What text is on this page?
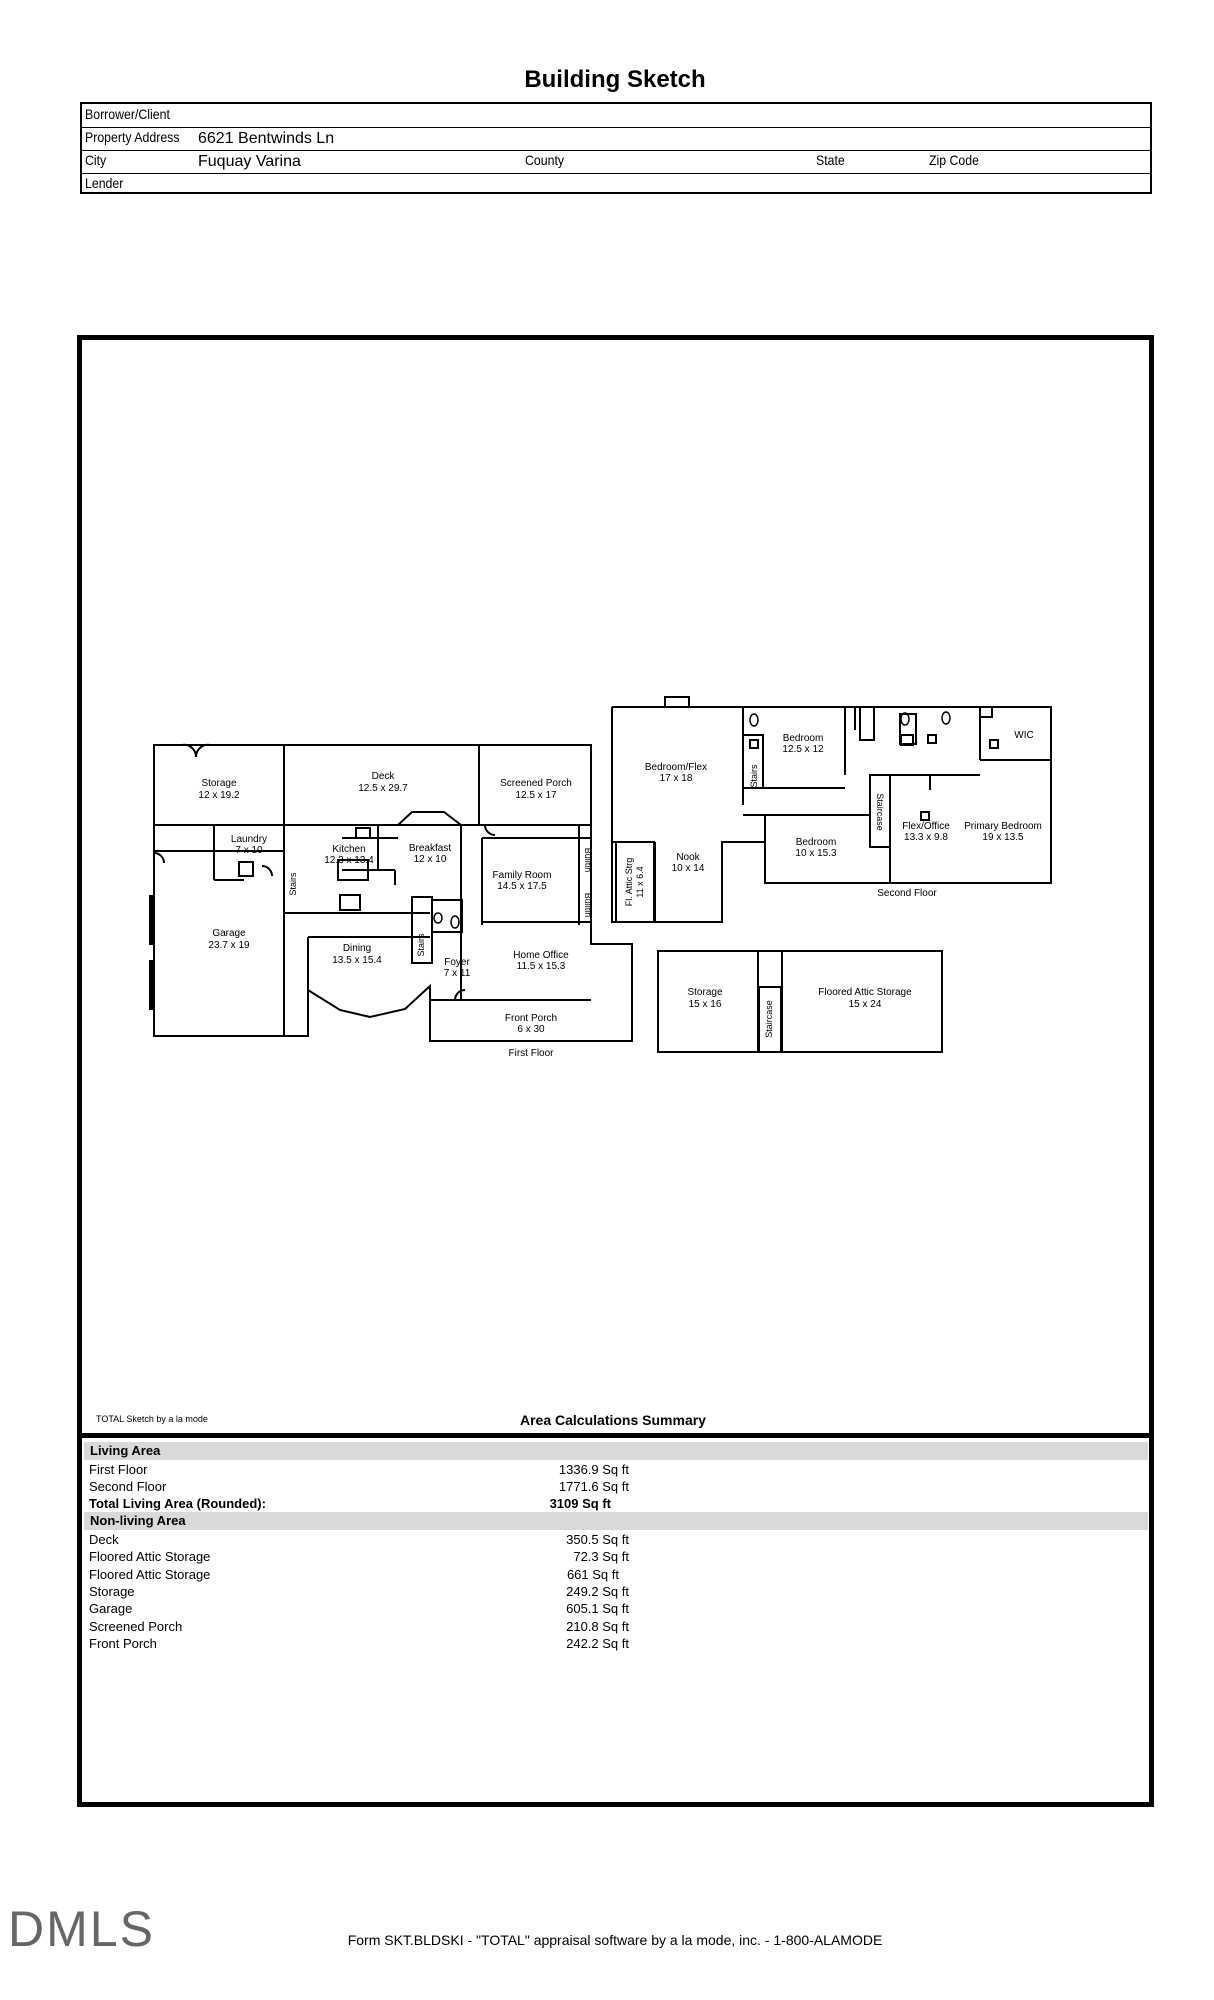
Building Sketch
Borrower/Client
Property Address 6621 Bentwinds Ln
City	Fuquay Varina	County	State	Zip Code
Lender
Storage
12 x 19.2
Deck
12.5 x 29.7	Screened Porch
12.5 x 17
Laundry
7 x 10	Kitchen
12.3 x 13.4
Breakfast
12 x 10
Family Room
14.5 x 17.5
Garage
23.7 x 19	Dining
13.5 x 15.4	Foyer
7 x 11
Home Office
11.5 x 15.3
Front Porch
6 x 30
First Floor
Bedroom/Flex
17 x 18
Bedroom
12.5 x 12
WIC
Bedroom
10 x 15.3
Flex/Office
13.3 x 9.8
Primary Bedroom
19 x 13.5
Nook
10 x 14
Second Floor
Storage
15 x 16
Floored Attic Storage
15 x 24
Stairs
Stairs
Builtin
Builtin
Stairs
Staircase
Staircase
Fl. Attic Strg 11 x 6.4
TOTAL Sketch by a la mode	Area Calculations Summary
Living Area
First Floor	1336.9 Sq ft
Second Floor	1771.6 Sq ft
Total Living Area (Rounded):	3109 Sq ft
Non-living Area
Deck	350.5 Sq ft
Floored Attic Storage	72.3 Sq ft
Floored Attic Storage	661 Sq ft
Storage	249.2 Sq ft
Garage	605.1 Sq ft
Screened Porch	210.8 Sq ft
Front Porch	242.2 Sq ft
DMLS	Form SKT.BLDSKI - "TOTAL" appraisal software by a la mode, inc. - 1-800-ALAMODE
